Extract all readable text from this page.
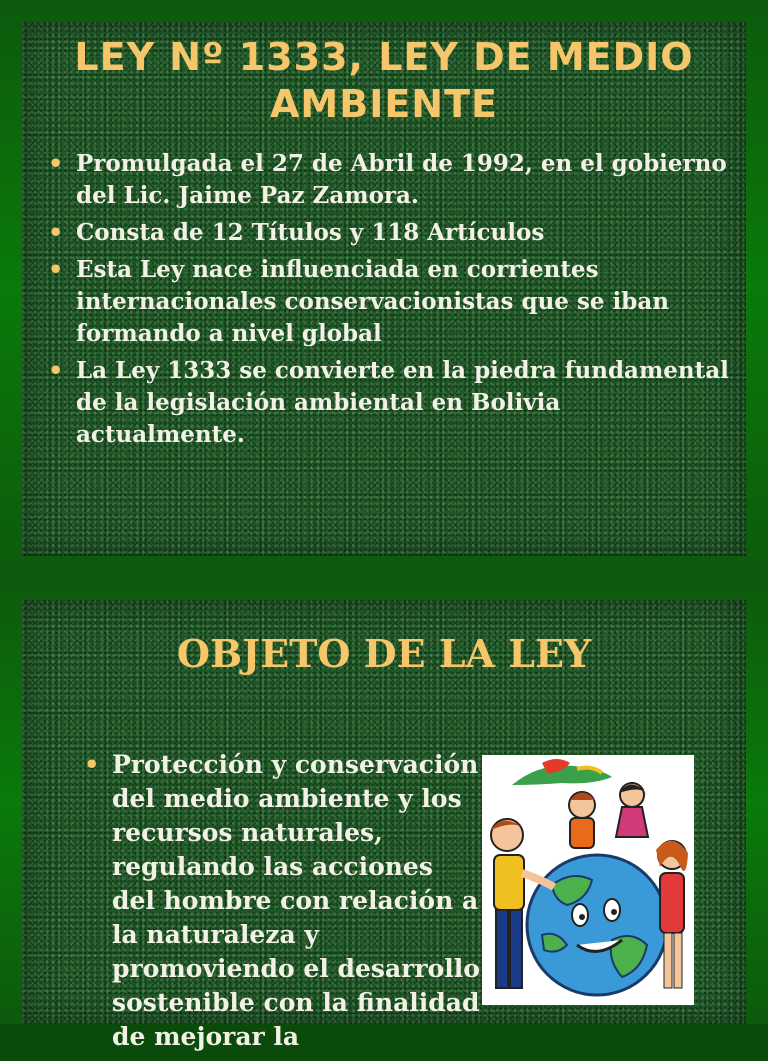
LEY Nº 1333, LEY DE MEDIO AMBIENTE
• Promulgada el 27 de Abril de 1992, en el gobierno del Lic. Jaime Paz Zamora.
• Consta de 12 Títulos y 118 Artículos
• Esta Ley nace influenciada en corrientes internacionales conservacionistas que se iban formando a nivel global
• La Ley 1333 se convierte en la piedra fundamental de la legislación ambiental en Bolivia actualmente.
OBJETO DE LA LEY
• Protección y conservación del medio ambiente y los recursos naturales, regulando las acciones del hombre con relación a la naturaleza y promoviendo el desarrollo sostenible con la finalidad de mejorar la
